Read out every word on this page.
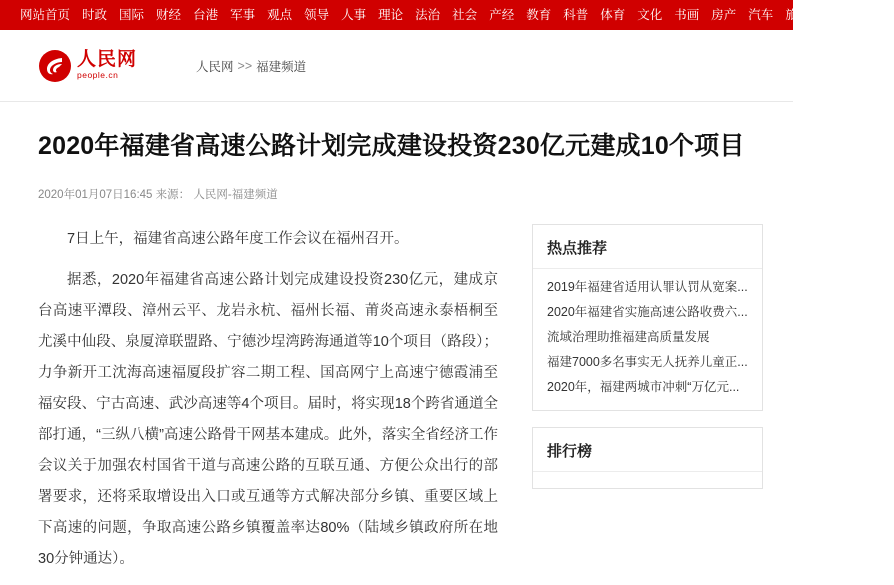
网站首页 时政 国际 财经 台港 军事 观点 领导 人事 理论 法治 社会 产经 教育 科普 体育 文化 书画 房产 汽车 旅游	登录	注册
人民网
people.cn
人民网 >> 福建频道
2020年福建省高速公路计划完成建设投资230亿元建成10个项目
2020年01月07日16:45 来源： 人民网-福建频道

7日上午，福建省高速公路年度工作会议在福州召开。

据悉，2020年福建省高速公路计划完成建设投资230亿元，建成京台高速平潭段、漳州云平、龙岩永杭、福州长福、莆炎高速永泰梧桐至尤溪中仙段、泉厦漳联盟路、宁德沙埕湾跨海通道等10个项目（路段）；力争新开工沈海高速福厦段扩容二期工程、国高网宁上高速宁德霞浦至福安段、宁古高速、武沙高速等4个项目。届时，将实现18个跨省通道全部打通，“三纵八横”高速公路骨干网基本建成。此外，落实全省经济工作会议关于加强农村国省干道与高速公路的互联互通、方便公众出行的部署要求，还将采取增设出入口或互通等方式解决部分乡镇、重要区域上下高速的问题，争取高速公路乡镇覆盖率达80%（陆域乡镇政府所在地30分钟通达）。

热点推荐
2019年福建省适用认罪认罚从宽案...
2020年福建省实施高速公路收费六...
流域治理助推福建高质量发展
福建7000多名事实无人抚养儿童正...
2020年，福建两城市冲刺“万亿元...
排行榜
